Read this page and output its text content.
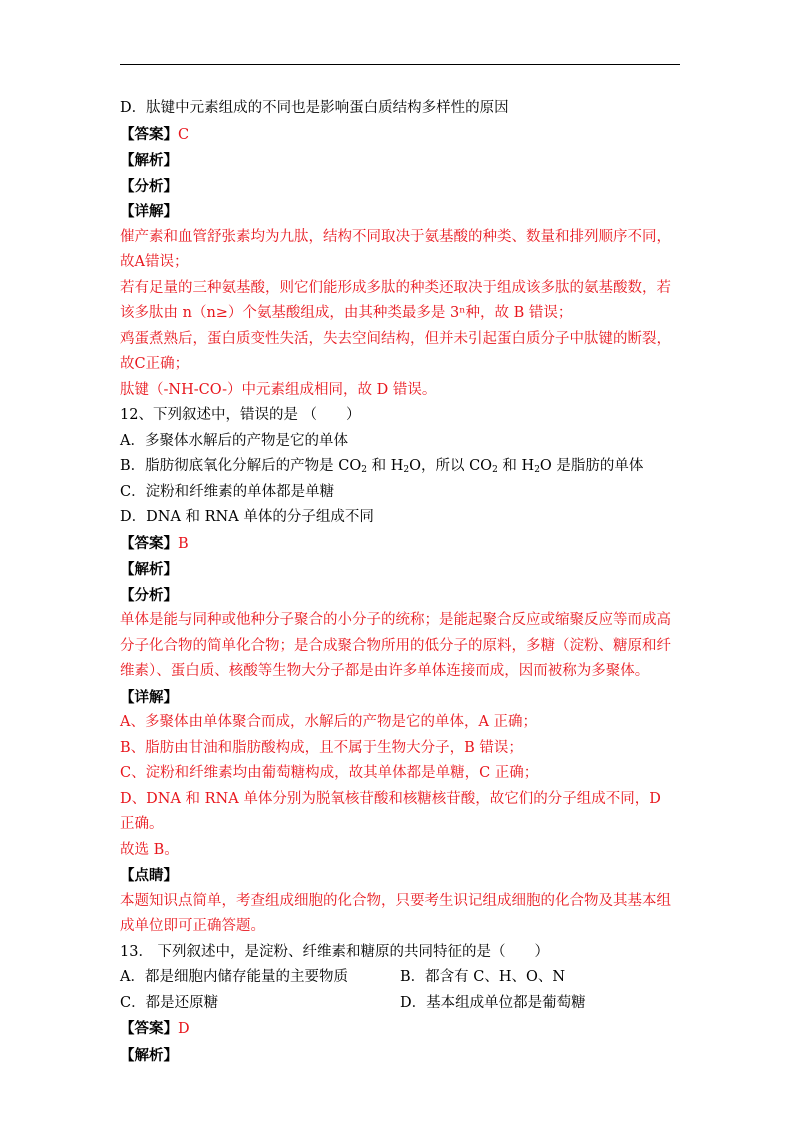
D．肽键中元素组成的不同也是影响蛋白质结构多样性的原因
【答案】C
【解析】
【分析】
【详解】
催产素和血管舒张素均为九肽，结构不同取决于氨基酸的种类、数量和排列顺序不同，故A错误；
若有足量的三种氨基酸，则它们能形成多肽的种类还取决于组成该多肽的氨基酸数，若该多肽由 n（n≥）个氨基酸组成，由其种类最多是 3ⁿ种，故 B 错误；
鸡蛋煮熟后，蛋白质变性失活，失去空间结构，但并未引起蛋白质分子中肽键的断裂，故C正确；
肽键（-NH-CO-）中元素组成相同，故 D 错误。
12、下列叙述中，错误的是 （　　）
A．多聚体水解后的产物是它的单体
B．脂肪彻底氧化分解后的产物是 $CO_2$ 和 $H_2O$，所以 $CO_2$ 和 $H_2O$ 是脂肪的单体
C．淀粉和纤维素的单体都是单糖
D．DNA 和 RNA 单体的分子组成不同
【答案】B
【解析】
【分析】
单体是能与同种或他种分子聚合的小分子的统称；是能起聚合反应或缩聚反应等而成高分子化合物的简单化合物；是合成聚合物所用的低分子的原料，多糖（淀粉、糖原和纤维素）、蛋白质、核酸等生物大分子都是由许多单体连接而成，因而被称为多聚体。
【详解】
A、多聚体由单体聚合而成，水解后的产物是它的单体，A 正确；
B、脂肪由甘油和脂肪酸构成，且不属于生物大分子，B 错误；
C、淀粉和纤维素均由葡萄糖构成，故其单体都是单糖，C 正确；
D、DNA 和 RNA 单体分别为脱氧核苷酸和核糖核苷酸，故它们的分子组成不同，D 正确。
故选 B。
【点睛】
本题知识点简单，考查组成细胞的化合物，只要考生识记组成细胞的化合物及其基本组成单位即可正确答题。
13． 下列叙述中，是淀粉、纤维素和糖原的共同特征的是（　　）
A．都是细胞内储存能量的主要物质	B．都含有 C、H、O、N
C．都是还原糖	D．基本组成单位都是葡萄糖
【答案】D
【解析】
